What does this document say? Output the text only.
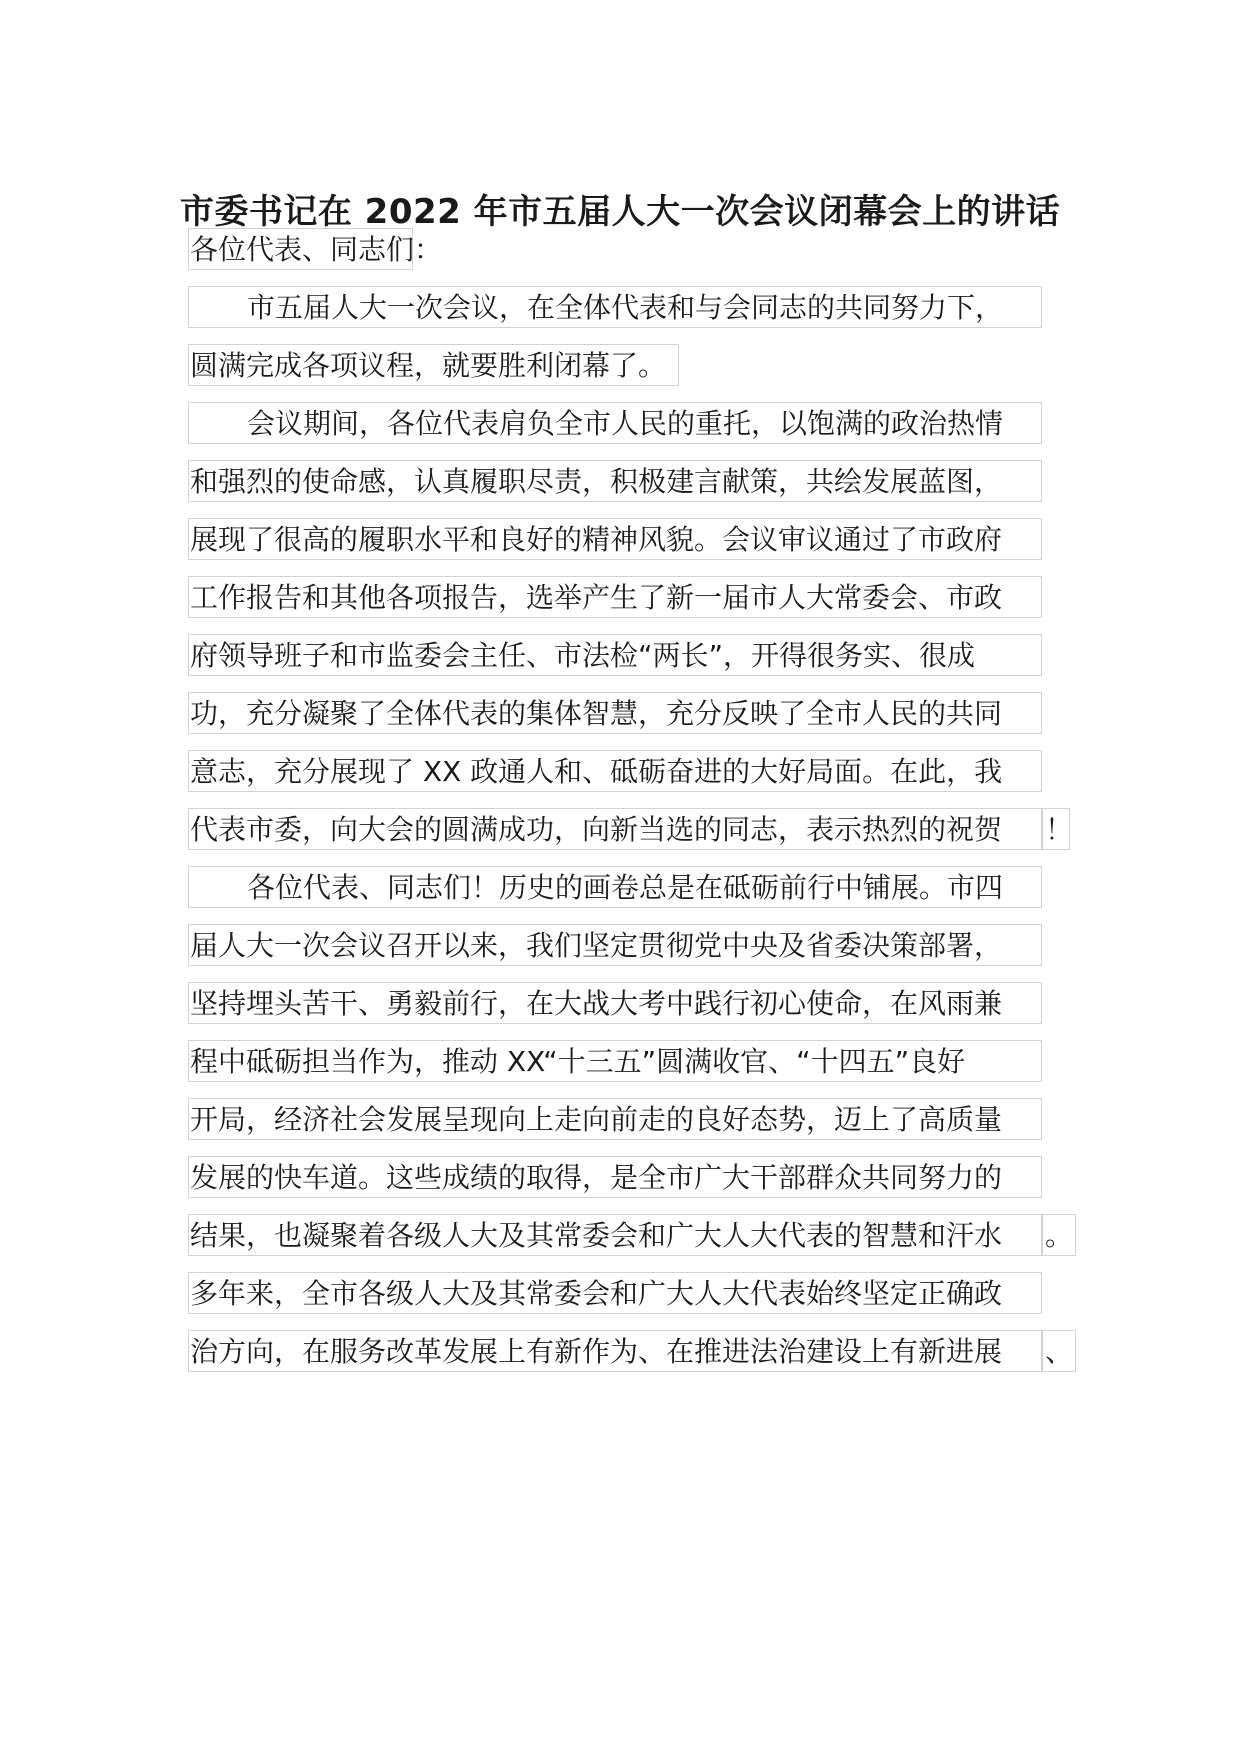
市委书记在 2022 年市五届人大一次会议闭幕会上的讲话
各位代表、同志们：
市五届人大一次会议，在全体代表和与会同志的共同努力下，
圆满完成各项议程，就要胜利闭幕了。
会议期间，各位代表肩负全市人民的重托，以饱满的政治热情
和强烈的使命感，认真履职尽责，积极建言献策，共绘发展蓝图，
展现了很高的履职水平和良好的精神风貌。会议审议通过了市政府
工作报告和其他各项报告，选举产生了新一届市人大常委会、市政
府领导班子和市监委会主任、市法检“两长”，开得很务实、很成
功，充分凝聚了全体代表的集体智慧，充分反映了全市人民的共同
意志，充分展现了 XX 政通人和、砥砺奋进的大好局面。在此，我
代表市委，向大会的圆满成功，向新当选的同志，表示热烈的祝贺	！
各位代表、同志们！历史的画卷总是在砥砺前行中铺展。市四
届人大一次会议召开以来，我们坚定贯彻党中央及省委决策部署，
坚持埋头苦干、勇毅前行，在大战大考中践行初心使命，在风雨兼
程中砥砺担当作为，推动 XX“十三五”圆满收官、“十四五”良好
开局，经济社会发展呈现向上走向前走的良好态势，迈上了高质量
发展的快车道。这些成绩的取得，是全市广大干部群众共同努力的
结果，也凝聚着各级人大及其常委会和广大人大代表的智慧和汗水	。
多年来，全市各级人大及其常委会和广大人大代表始终坚定正确政
治方向，在服务改革发展上有新作为、在推进法治建设上有新进展	、
